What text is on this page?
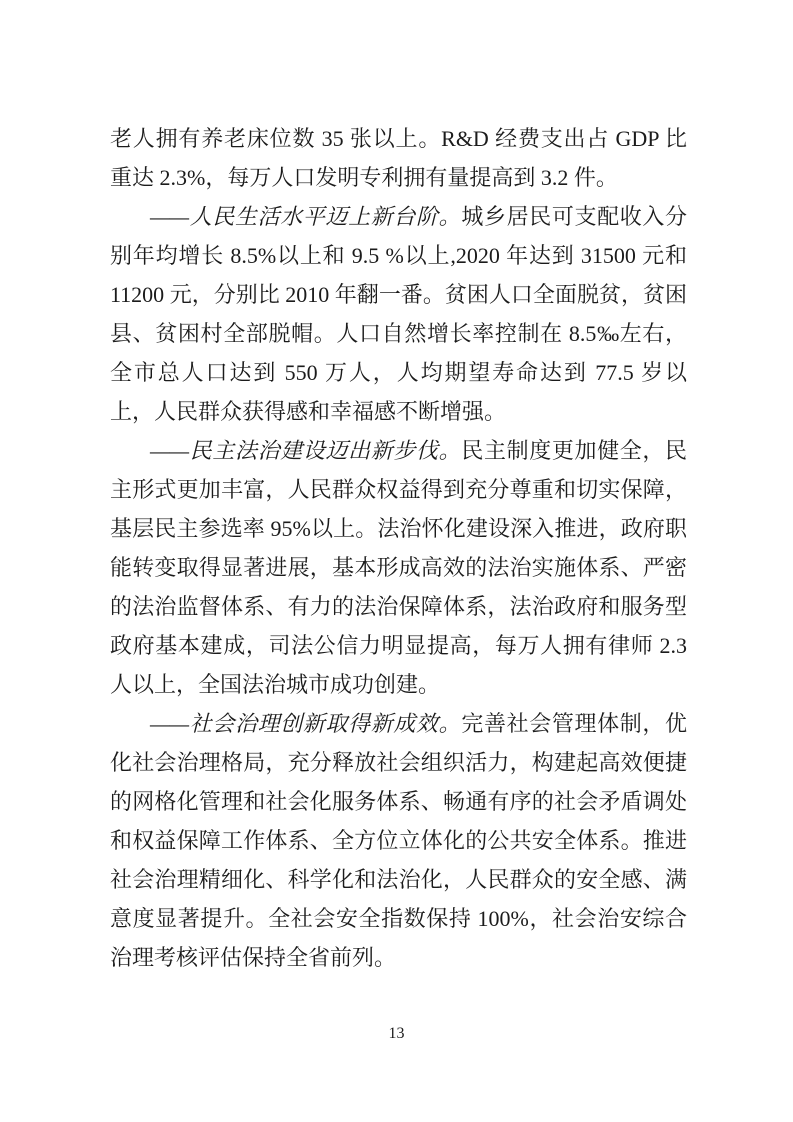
老人拥有养老床位数 35 张以上。R&D 经费支出占 GDP 比重达 2.3%，每万人口发明专利拥有量提高到 3.2 件。

——人民生活水平迈上新台阶。城乡居民可支配收入分别年均增长 8.5%以上和 9.5 %以上,2020 年达到 31500 元和 11200 元，分别比 2010 年翻一番。贫困人口全面脱贫，贫困县、贫困村全部脱帽。人口自然增长率控制在 8.5‰左右，全市总人口达到 550 万人，人均期望寿命达到 77.5 岁以上，人民群众获得感和幸福感不断增强。

——民主法治建设迈出新步伐。民主制度更加健全，民主形式更加丰富，人民群众权益得到充分尊重和切实保障，基层民主参选率 95%以上。法治怀化建设深入推进，政府职能转变取得显著进展，基本形成高效的法治实施体系、严密的法治监督体系、有力的法治保障体系，法治政府和服务型政府基本建成，司法公信力明显提高，每万人拥有律师 2.3 人以上，全国法治城市成功创建。

——社会治理创新取得新成效。完善社会管理体制，优化社会治理格局，充分释放社会组织活力，构建起高效便捷的网格化管理和社会化服务体系、畅通有序的社会矛盾调处和权益保障工作体系、全方位立体化的公共安全体系。推进社会治理精细化、科学化和法治化，人民群众的安全感、满意度显著提升。全社会安全指数保持 100%，社会治安综合治理考核评估保持全省前列。

13
